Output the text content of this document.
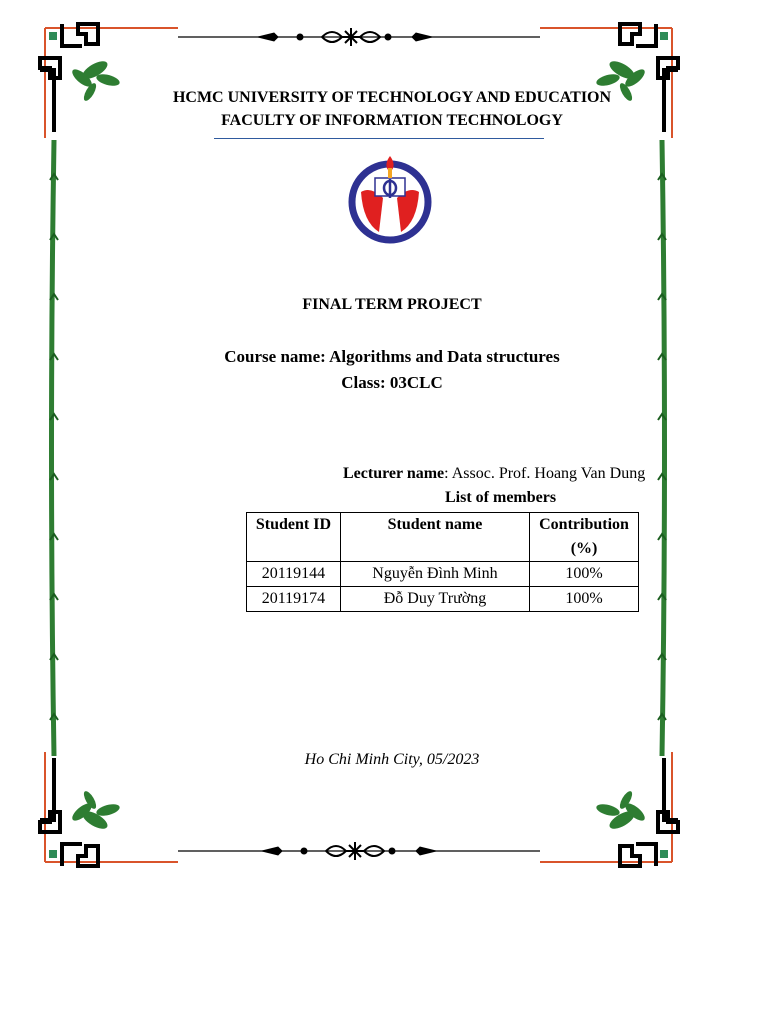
HCMC UNIVERSITY OF TECHNOLOGY AND EDUCATION
FACULTY OF INFORMATION TECHNOLOGY
FINAL TERM PROJECT
Course name: Algorithms and Data structures
Class: 03CLC
Lecturer name: Assoc. Prof. Hoang Van Dung
List of members
Student ID	Student name	Contribution (%)
20119144	Nguyễn Đình Minh	100%
20119174	Đỗ Duy Trường	100%
Ho Chi Minh City, 05/2023
